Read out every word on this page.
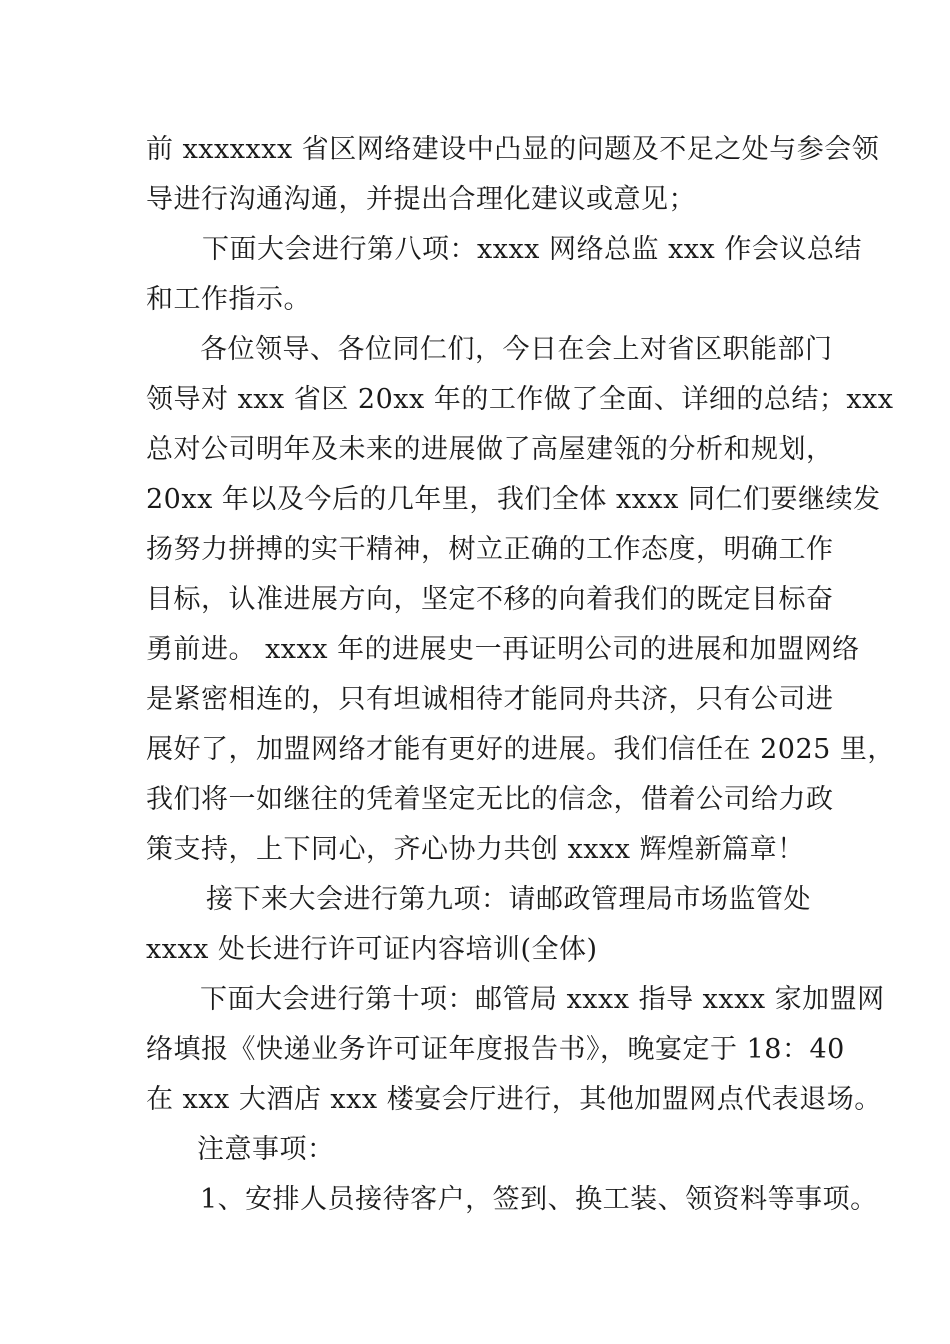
前 xxxxxxx 省区网络建设中凸显的问题及不足之处与参会领
导进行沟通沟通，并提出合理化建议或意见；
下面大会进行第八项：xxxx 网络总监 xxx 作会议总结
和工作指示。
各位领导、各位同仁们，今日在会上对省区职能部门
领导对 xxx 省区 20xx 年的工作做了全面、详细的总结；xxx
总对公司明年及未来的进展做了高屋建瓴的分析和规划，
20xx 年以及今后的几年里，我们全体 xxxx 同仁们要继续发
扬努力拼搏的实干精神，树立正确的工作态度，明确工作
目标，认准进展方向，坚定不移的向着我们的既定目标奋
勇前进。 xxxx 年的进展史一再证明公司的进展和加盟网络
是紧密相连的，只有坦诚相待才能同舟共济，只有公司进
展好了，加盟网络才能有更好的进展。我们信任在 2025 里，
我们将一如继往的凭着坚定无比的信念，借着公司给力政
策支持，上下同心，齐心协力共创 xxxx 辉煌新篇章！
接下来大会进行第九项：请邮政管理局市场监管处
xxxx 处长进行许可证内容培训(全体)
下面大会进行第十项：邮管局 xxxx 指导 xxxx 家加盟网
络填报《快递业务许可证年度报告书》，晚宴定于 18：40
在 xxx 大酒店 xxx 楼宴会厅进行，其他加盟网点代表退场。
注意事项：
1、安排人员接待客户，签到、换工装、领资料等事项。
